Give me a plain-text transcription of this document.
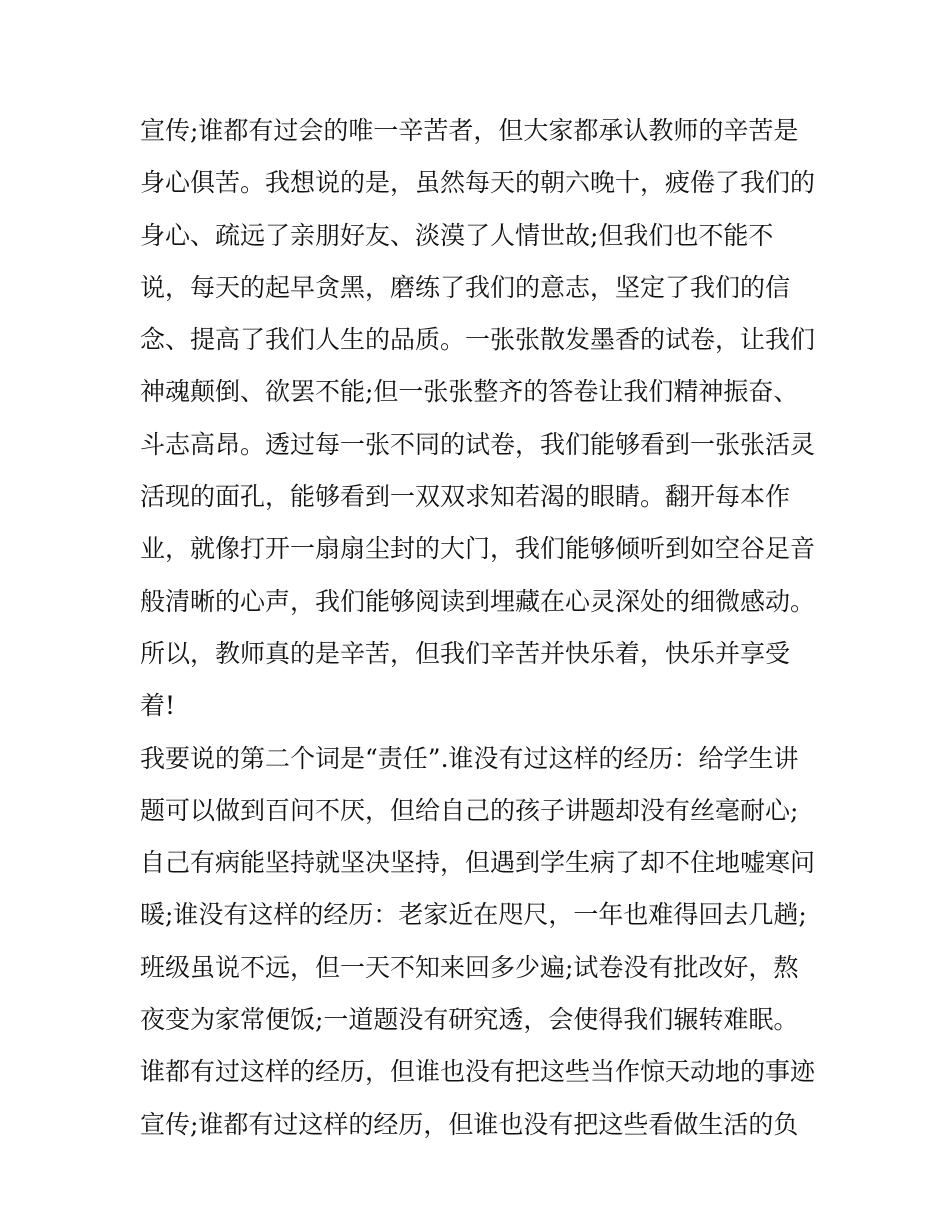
宣传;谁都有过会的唯一辛苦者，但大家都承认教师的辛苦是
身心俱苦。我想说的是，虽然每天的朝六晚十，疲倦了我们的
身心、疏远了亲朋好友、淡漠了人情世故;但我们也不能不
说，每天的起早贪黑，磨练了我们的意志，坚定了我们的信
念、提高了我们人生的品质。一张张散发墨香的试卷，让我们
神魂颠倒、欲罢不能;但一张张整齐的答卷让我们精神振奋、
斗志高昂。透过每一张不同的试卷，我们能够看到一张张活灵
活现的面孔，能够看到一双双求知若渴的眼睛。翻开每本作
业，就像打开一扇扇尘封的大门，我们能够倾听到如空谷足音
般清晰的心声，我们能够阅读到埋藏在心灵深处的细微感动。
所以，教师真的是辛苦，但我们辛苦并快乐着，快乐并享受
着!
我要说的第二个词是“责任”.谁没有过这样的经历：给学生讲
题可以做到百问不厌，但给自己的孩子讲题却没有丝毫耐心;
自己有病能坚持就坚决坚持，但遇到学生病了却不住地嘘寒问
暖;谁没有这样的经历：老家近在咫尺，一年也难得回去几趟;
班级虽说不远，但一天不知来回多少遍;试卷没有批改好，熬
夜变为家常便饭;一道题没有研究透，会使得我们辗转难眠。
谁都有过这样的经历，但谁也没有把这些当作惊天动地的事迹
宣传;谁都有过这样的经历，但谁也没有把这些看做生活的负
